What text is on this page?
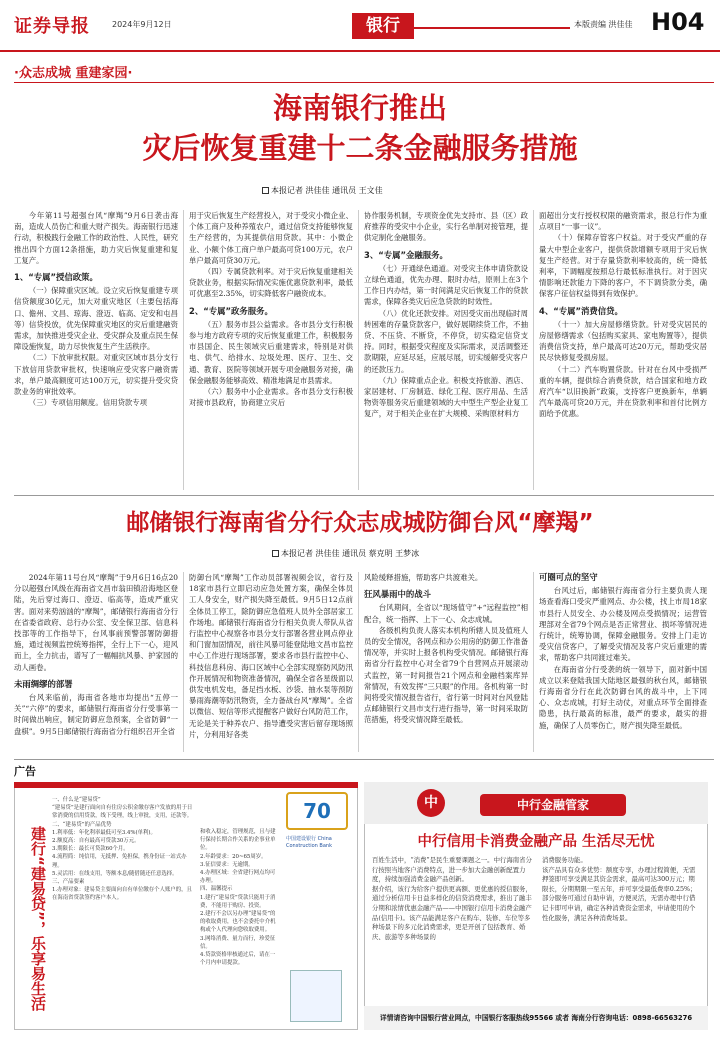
证券导报	2024年9月12日	银行	本版责编 洪佳佳 H04
·众志成城 重建家园·
海南银行推出
灾后恢复重建十二条金融服务措施
本报记者 洪佳佳 通讯员 王文佳

今年第11号超强台风“摩羯”9月6日袭击海南，造成人员伤亡和重大财产损失。海南银行迅速行动，积极践行金融工作的政治性、人民性，研究推出四个方面12条措施，助力灾后恢复重建和复工复产。

1、“专属”授信政策。

（一）保障重灾区域。设立灾后恢复重建专项信贷额度30亿元，加大对重灾地区（主要包括海口、儋州、文昌、琼海、澄迈、临高、定安和屯昌等）信贷投放，优先保障重灾地区的灾后重建融资需求，加快推进受灾企业、受灾群众及重点民生保障设施恢复，助力尽快恢复生产生活秩序。

（二）下放审批权限。对重灾区域市县分支行下放信用贷款审批权，快速响应受灾客户融资需求，单户最高额度可达100万元，切实提升受灾贷款业务的审批效率。

（三）专项信用额度。信用贷款专项

用于灾后恢复生产经营投入，对于受灾小微企业、个体工商户及种养殖农户，通过信贷支持能够恢复生产经营的，为其提供信用贷款。其中：小微企业、小额个体工商户单户最高可贷100万元，农户单户最高可贷30万元。

（四）专属贷款利率。对于灾后恢复重建相关贷款业务，根据实际情况实施优惠贷款利率，最低可优惠至2.35%，切实降低客户融资成本。

2、“专属”政务服务。

（五）服务市县公益需求。各市县分支行积极参与地方政府专项的灾后恢复重建工作，积极服务市县国企、民生领域灾后重建需求，特别是对供电、供气、给排水、垃圾处理、医疗、卫生、交通、教育、医院等领域开展专项金融服务对接，确保金融服务能够高效、精准地满足市县需求。

（六）服务中小企业需求。各市县分支行积极对接市县政府，协商建立灾后

协作服务机制，专项资金优先支持市、县（区）政府推荐的受灾中小企业，实行名单制对接管理，提供定制化金融服务。

3、“专属”金融服务。

（七）开通绿色通道。对受灾主体申请贷款设立绿色通道，优先办理、限时办结，原则上在3个工作日内办结，第一时间满足灾后恢复工作的贷款需求，保障各类灾后应急贷款的时效性。

（八）优化还款安排。对因受灾而出现临时周转困难的存量贷款客户，做好展期续贷工作，不抽贷、不压贷、不断贷，不停贷，切实稳定信贷支持。同时，根据受灾程度及实际需求，灵活调整还款期限，应延尽延，应展尽展，切实缓解受灾客户的还款压力。

（九）保障重点企业。积极支持旅游、酒店、家居建材、厂房制造、绿化工程、医疗用品、生活物资等服务灾后重建领域的大中型生产型企业复工复产，对于相关企业在扩大规模、采购原材料方

面超出分支行授权权限的融资需求，报总行作为重点项目“一事一议”。

（十）保障存管客户权益。对于受灾严重的存量大中型企业客户，提供贷款增额专项用于灾后恢复生产经营。对于存量贷款利率较高的，统一降低利率，下调幅度按照总行最低标准执行。对于因灾情影响还款能力下降的客户，不下调贷款分类，确保客户征信权益得到有效保护。

4、“专属”消费信贷。

（十一）加大房屋修缮贷款。针对受灾居民的房屋修缮需求（包括购买家具、家电购置等），提供消费信贷支持，单户最高可达20万元，帮助受灾居民尽快修复受损房屋。

（十二）汽车购置贷款。针对在台风中受损严重的车辆，提供综合消费贷款，结合国家和地方政府汽车“以旧换新”政策，支持客户更换新车，单辆汽车最高可贷20万元，并在贷款利率和首付比例方面给予优惠。

邮储银行海南省分行众志成城防御台风“摩羯”
本报记者 洪佳佳 通讯员 蔡克明 王梦冰

2024年第11号台风“摩羯”于9月6日16点20分以超强台风级在海南省文昌市翁田镇沿海地区登陆，先后穿过海口、澄迈、临高等，造成严重灾害。面对来势汹汹的“摩羯”，邮储银行海南省分行在省委省政府、总行办公室、安全保卫部、信息科技部等的工作指导下，台风事前预警部署防御措施，通过视频监控统筹指挥，全行上下一心，迎风而上，全力抗击，谱写了一幅幅抗风暴、护家园的动人画卷。

未雨绸缪的部署

台风来临前，海南省各地市均提出“五停一关”“六停”的要求，邮储银行海南省分行受事第一时间做出响应，制定防御应急预案，全省防御“一盘棋”。9月5日邮储银行海南省分行组织召开全省

防御台风“摩羯”工作动员部署视频会议，省行及18家市县行立即启动应急处置方案，确保全体员工人身安全，财产损失降至最低。9月5日12点前全体员工停工，除防御应急值班人员外全部居家工作场地。邮储银行海南省分行相关负责人带队从省行监控中心视察各市县分支行部署各营业网点停业和门窗加固情况，前往风暴可能登陆地文昌市监控中心工作进行现场部署，要求各市县行监控中心、科技信息科房、海口区域中心全部实现察防风防汛作开展情况和物资准备情况，确保全省各星级面以供发电机发电，备足挡水板、沙袋、抽水泵等预防暴雨海潮等防汛物资，全力备战台风“摩羯”。全省以微信、短信等形式提醒客户做好台风防范工作，无论是关于种养农户、指导遭受灾害后留存现场照片，分利用好各类

风险缓释措施，帮助客户共渡难关。

狂风暴雨中的战斗

台风期间，全省以“现场值守”+“远程监控”相配合，统一指挥、上下一心、众志成城。

各级机构负责人落实本机构所辖人员及值班人员的安全情况，各网点和办公用房的防御工作准备情况等，并实时上报各机构受灾情况。邮储银行海南省分行监控中心对全省79个自营网点开展滚动式监控，第一时间报告21个网点和金融档案库异常情况，有效发挥“三只眼”的作用。各机构第一时间将受灾情况报告省行，省行第一时间对台风登陆点邮储银行文昌市支行进行指导，第一时间采取防范措施，将受灾情况降至最低。

可圈可点的坚守

台风过后，邮储银行海南省分行主要负责人现场查看海口受灾严重网点、办公楼，找上市局18家市县行人员安全、办公楼及网点受损情况；运营管理部对全省79个网点是否正常营业、损坏等情况进行统计，统筹协调，保障金融服务。安排上门走访受灾信贷客户，了解受灾情况及客户灾后重建的需求，帮助客户共同渡过难关。

在海南省分行受袭的统一领导下，面对新中国成立以来登陆我国大陆地区最强的秋台风，邮储银行海南省分行在此次防御台风的战斗中，上下同心、众志成城，打好主动仗，对重点环节全面排查隐患，执行最高的标准，最严的要求，最实的措施，确保了人员零伤亡，财产损失降至最低。

广告
建行“建易贷”，乐享易生活
一、什么是“建易贷”
“建易贷”是建行面向自有住房公积金缴存客户发放的用于日常消费的信用贷款，线下受理，线上审批，支用，还款等。
二、“建易贷”的产品优势
1.利率低：年化利率最低可至3.4%(单利)。
2.额度高：自有最高可贷款30万元。
3.期限长：最长可贷款60个月。
4.流程简：纯信用，无抵押、免担保，携身份证一站式办理。
5.灵活用：在线支用，等额本息/随借随还任意选择。
三、产品要素
1.办理对象：建易贷主要面向自有单位缴存个人账户的，且在海南省贷款签约客户本人。
和收入稳定，管理规范，且与建行保持长期合作关系的企事业单位。
2.年龄要求：20~65周岁。
3.征信要求：无逾期。
4.办理区域：全省建行网点均可办理。
四、温馨提示
1.建行“建易贷”贷款只能用于消费，不能用于购房、投资。
2.建行不会以另办理“建易贷”的的收取费用，也不会委托中介机构或个人代理向您收取费用。
3.网络消费、量力而行，珍爱征信。
4.贷款资格审核通过后，请在一个月内申请提款。
70
中国建设银行 China Construction Bank
中	中行金融管家
中行信用卡消费金融产品 生活尽无忧
百姓生活中，“消费”是民生重要课题之一。中行海南省分行按照当地客户消费特点，进一步加大金融创新配置力度，持续加强消费金融产品创新。
据介绍，该行为给客户提供更高额、更优惠的授信服务，通过分析信用卡日益多样化的信贷消费需求，推出了融丰分期和浓情优惠金融产品——中国银行信用卡消费金融产品(信用卡)。该产品能满足客户在购车、装修、车位等多种场景下的多元化消费需求，更是开创了包括教育、婚庆、旅游等多种场景的
消费服务功能。
该产品具有众多优势：额度专享，办理过程简便，无需押签即可享受满足其资金需求，最高可达300万元；期限长，分期期限一至五年，并可享受最低费率0.25%；部分服务可通过自助申请，方便灵活，无需办理中行借记卡即可申请，确定各种消费资金需求，申请使用的个性化服务，满足各种消费场景。
详情请咨询中国银行营业网点，中国银行客服热线95566 或者 海南分行咨询电话：0898-66563276
